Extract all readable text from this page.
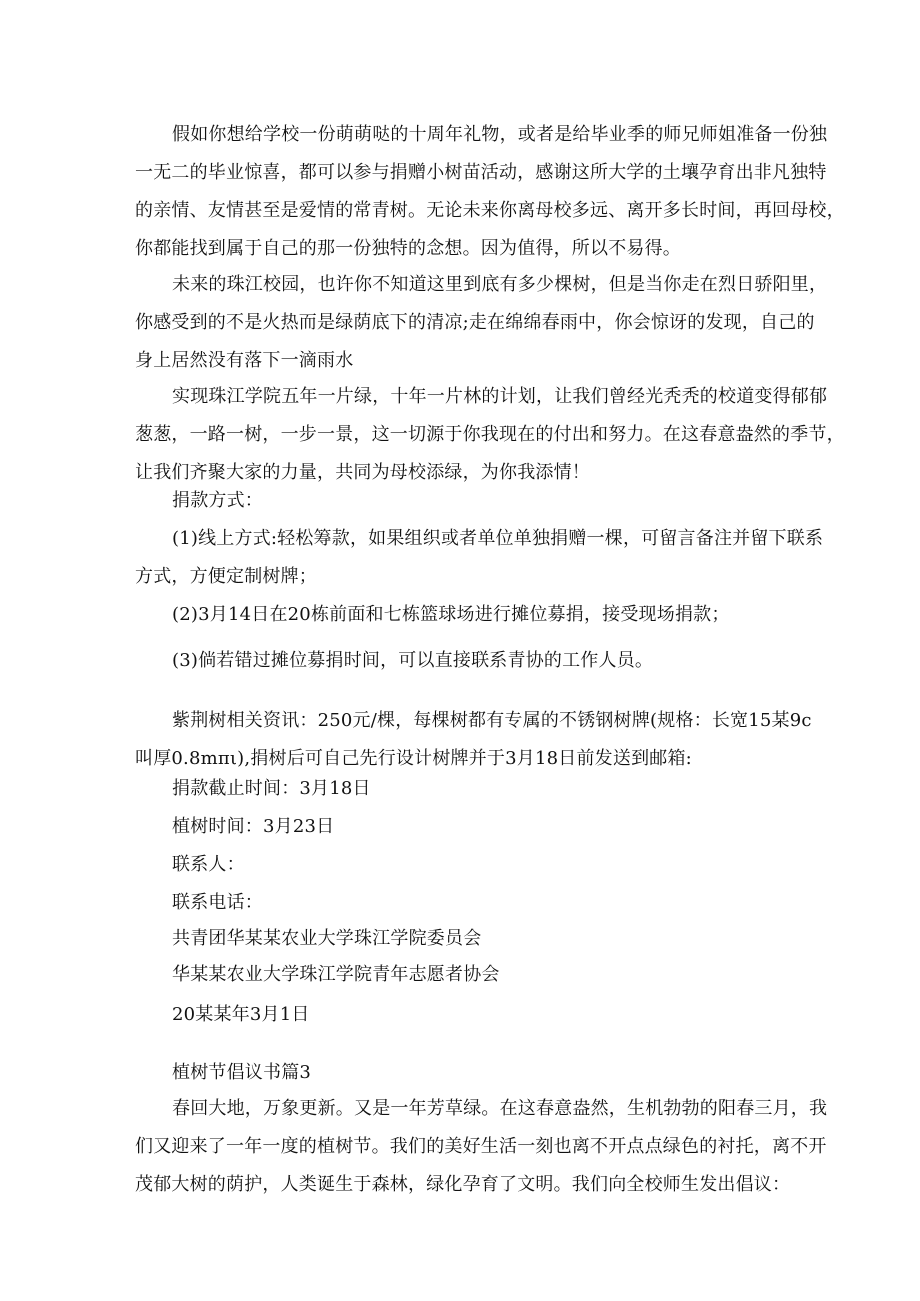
假如你想给学校一份萌萌哒的十周年礼物，或者是给毕业季的师兄师姐准备一份独
一无二的毕业惊喜，都可以参与捐赠小树苗活动，感谢这所大学的土壤孕育出非凡独特
的亲情、友情甚至是爱情的常青树。无论未来你离母校多远、离开多长时间，再回母校，
你都能找到属于自己的那一份独特的念想。因为值得，所以不易得。
未来的珠江校园，也许你不知道这里到底有多少棵树，但是当你走在烈日骄阳里，
你感受到的不是火热而是绿荫底下的清凉;走在绵绵春雨中，你会惊讶的发现，自己的
身上居然没有落下一滴雨水
实现珠江学院五年一片绿，十年一片林的计划，让我们曾经光秃秃的校道变得郁郁
葱葱，一路一树，一步一景，这一切源于你我现在的付出和努力。在这春意盎然的季节，
让我们齐聚大家的力量，共同为母校添绿，为你我添情！
捐款方式：
(1)线上方式:轻松筹款，如果组织或者单位单独捐赠一棵，可留言备注并留下联系
方式，方便定制树牌；
(2)3月14日在20栋前面和七栋篮球场进行摊位募捐，接受现场捐款；
(3)倘若错过摊位募捐时间，可以直接联系青协的工作人员。
紫荆树相关资讯：250元/棵，每棵树都有专属的不锈钢树牌(规格：长宽15某9c
叫厚0.8mπι),捐树后可自己先行设计树牌并于3月18日前发送到邮箱:
捐款截止时间：3月18日
植树时间：3月23日
联系人：
联系电话：
共青团华某某农业大学珠江学院委员会
华某某农业大学珠江学院青年志愿者协会
20某某年3月1日
植树节倡议书篇3
春回大地，万象更新。又是一年芳草绿。在这春意盎然，生机勃勃的阳春三月，我
们又迎来了一年一度的植树节。我们的美好生活一刻也离不开点点绿色的衬托，离不开
茂郁大树的荫护，人类诞生于森林，绿化孕育了文明。我们向全校师生发出倡议：
